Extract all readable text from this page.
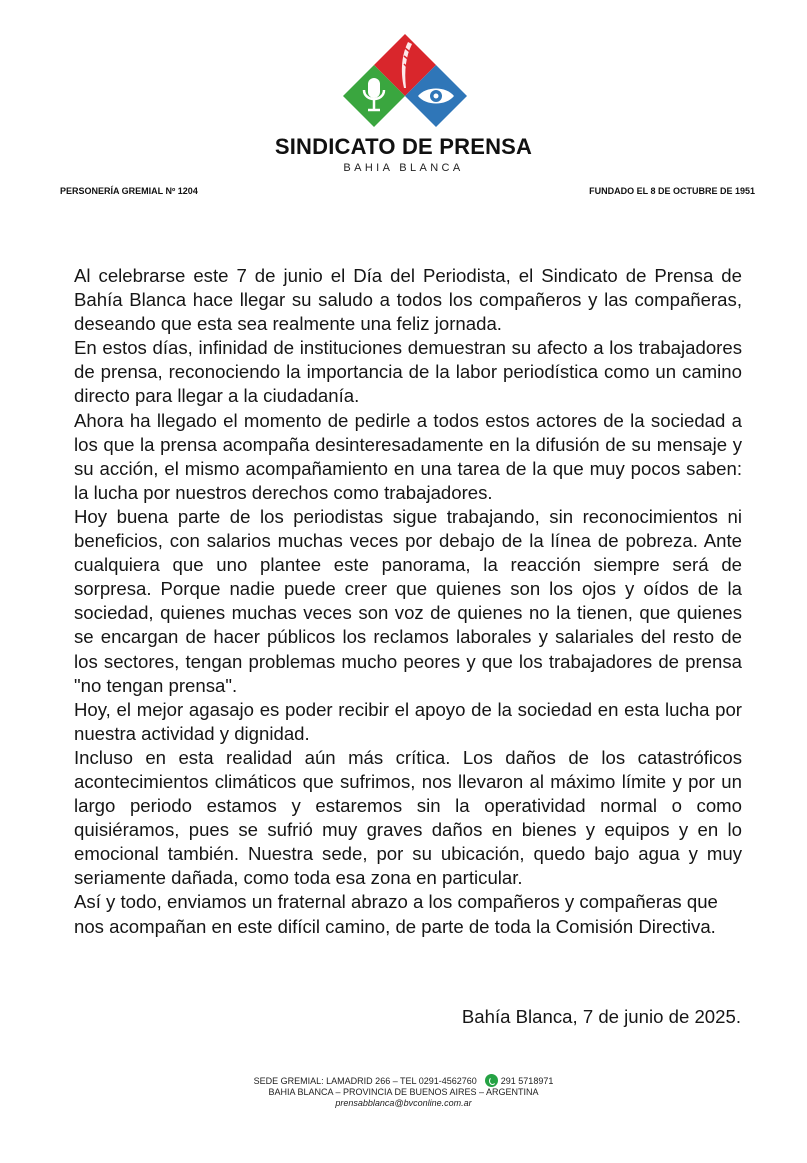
SINDICATO DE PRENSA
BAHIA BLANCA
PERSONERÍA GREMIAL Nº 1204	FUNDADO EL 8 DE OCTUBRE DE 1951

Al celebrarse este 7 de junio el Día del Periodista, el Sindicato de Prensa de Bahía Blanca hace llegar su saludo a todos los compañeros y las compañeras, deseando que esta sea realmente una feliz jornada.

En estos días, infinidad de instituciones demuestran su afecto a los trabajadores de prensa, reconociendo la importancia de la labor periodística como un camino directo para llegar a la ciudadanía.

Ahora ha llegado el momento de pedirle a todos estos actores de la sociedad a los que la prensa acompaña desinteresadamente en la difusión de su mensaje y su acción, el mismo acompañamiento en una tarea de la que muy pocos saben: la lucha por nuestros derechos como trabajadores.

Hoy buena parte de los periodistas sigue trabajando, sin reconocimientos ni beneficios, con salarios muchas veces por debajo de la línea de pobreza. Ante cualquiera que uno plantee este panorama, la reacción siempre será de sorpresa. Porque nadie puede creer que quienes son los ojos y oídos de la sociedad, quienes muchas veces son voz de quienes no la tienen, que quienes se encargan de hacer públicos los reclamos laborales y salariales del resto de los sectores, tengan problemas mucho peores y que los trabajadores de prensa "no tengan prensa".

Hoy, el mejor agasajo es poder recibir el apoyo de la sociedad en esta lucha por nuestra actividad y dignidad.

Incluso en esta realidad aún más crítica. Los daños de los catastróficos acontecimientos climáticos que sufrimos, nos llevaron al máximo límite y por un largo periodo estamos y estaremos sin la operatividad normal o como quisiéramos, pues se sufrió muy graves daños en bienes y equipos y en lo emocional también. Nuestra sede, por su ubicación, quedo bajo agua y muy seriamente dañada, como toda esa zona en particular.

Así y todo, enviamos un fraternal abrazo a los compañeros y compañeras que nos acompañan en este difícil camino, de parte de toda la Comisión Directiva.

Bahía Blanca, 7 de junio de 2025.
SEDE GREMIAL: LAMADRID 266 – TEL 0291-4562760	291 5718971
BAHIA BLANCA – PROVINCIA DE BUENOS AIRES – ARGENTINA
prensabblanca@bvconline.com.ar
